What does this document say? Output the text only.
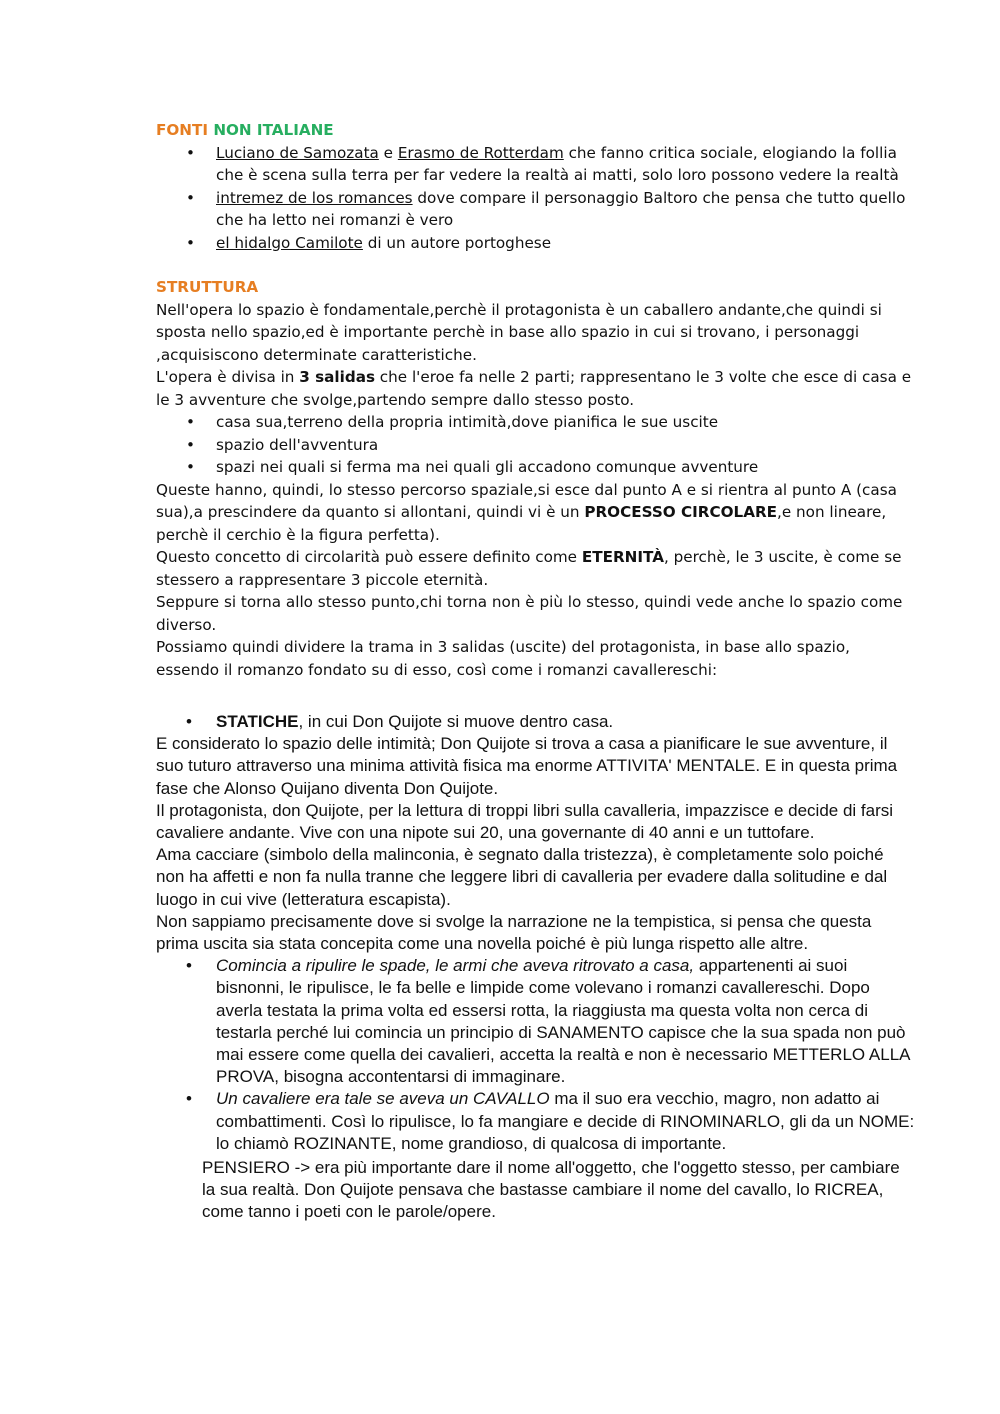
FONTI NON ITALIANE

• Luciano de Samozata e Erasmo de Rotterdam che fanno critica sociale, elogiando la follia che è scena sulla terra per far vedere la realtà ai matti, solo loro possono vedere la realtà
• intremez de los romances dove compare il personaggio Baltoro che pensa che tutto quello che ha letto nei romanzi è vero
• el hidalgo Camilote di un autore portoghese

STRUTTURA

Nell'opera lo spazio è fondamentale,perchè il protagonista è un caballero andante,che quindi si sposta nello spazio,ed è importante perchè in base allo spazio in cui si trovano, i personaggi ,acquisiscono determinate caratteristiche.

L'opera è divisa in 3 salidas che l'eroe fa nelle 2 parti; rappresentano le 3 volte che esce di casa e le 3 avventure che svolge,partendo sempre dallo stesso posto.

• casa sua,terreno della propria intimità,dove pianifica le sue uscite
• spazio dell'avventura
• spazi nei quali si ferma ma nei quali gli accadono comunque avventure

Queste hanno, quindi, lo stesso percorso spaziale,si esce dal punto A e si rientra al punto A (casa sua),a prescindere da quanto si allontani, quindi vi è un PROCESSO CIRCOLARE,e non lineare, perchè il cerchio è la figura perfetta).

Questo concetto di circolarità può essere definito come ETERNITÀ, perchè, le 3 uscite, è come se stessero a rappresentare 3 piccole eternità.

Seppure si torna allo stesso punto,chi torna non è più lo stesso, quindi vede anche lo spazio come diverso.

Possiamo quindi dividere la trama in 3 salidas (uscite) del protagonista, in base allo spazio, essendo il romanzo fondato su di esso, così come i romanzi cavallereschi:

• STATICHE, in cui Don Quijote si muove dentro casa.

E considerato lo spazio delle intimità; Don Quijote si trova a casa a pianificare le sue avventure, il suo tuturo attraverso una minima attività fisica ma enorme ATTIVITA' MENTALE. E in questa prima fase che Alonso Quijano diventa Don Quijote.

Il protagonista, don Quijote, per la lettura di troppi libri sulla cavalleria, impazzisce e decide di farsi cavaliere andante. Vive con una nipote sui 20, una governante di 40 anni e un tuttofare.

Ama cacciare (simbolo della malinconia, è segnato dalla tristezza), è completamente solo poiché non ha affetti e non fa nulla tranne che leggere libri di cavalleria per evadere dalla solitudine e dal luogo in cui vive (letteratura escapista).

Non sappiamo precisamente dove si svolge la narrazione ne la tempistica, si pensa che questa prima uscita sia stata concepita come una novella poiché è più lunga rispetto alle altre.

• Comincia a ripulire le spade, le armi che aveva ritrovato a casa, appartenenti ai suoi bisnonni, le ripulisce, le fa belle e limpide come volevano i romanzi cavallereschi. Dopo averla testata la prima volta ed essersi rotta, la riaggiusta ma questa volta non cerca di testarla perché lui comincia un principio di SANAMENTO capisce che la sua spada non può mai essere come quella dei cavalieri, accetta la realtà e non è necessario METTERLO ALLA PROVA, bisogna accontentarsi di immaginare.
• Un cavaliere era tale se aveva un CAVALLO ma il suo era vecchio, magro, non adatto ai combattimenti. Così lo ripulisce, lo fa mangiare e decide di RINOMINARLO, gli da un NOME: lo chiamò ROZINANTE, nome grandioso, di qualcosa di importante.

PENSIERO -> era più importante dare il nome all'oggetto, che l'oggetto stesso, per cambiare la sua realtà. Don Quijote pensava che bastasse cambiare il nome del cavallo, lo RICREA, come tanno i poeti con le parole/opere.
